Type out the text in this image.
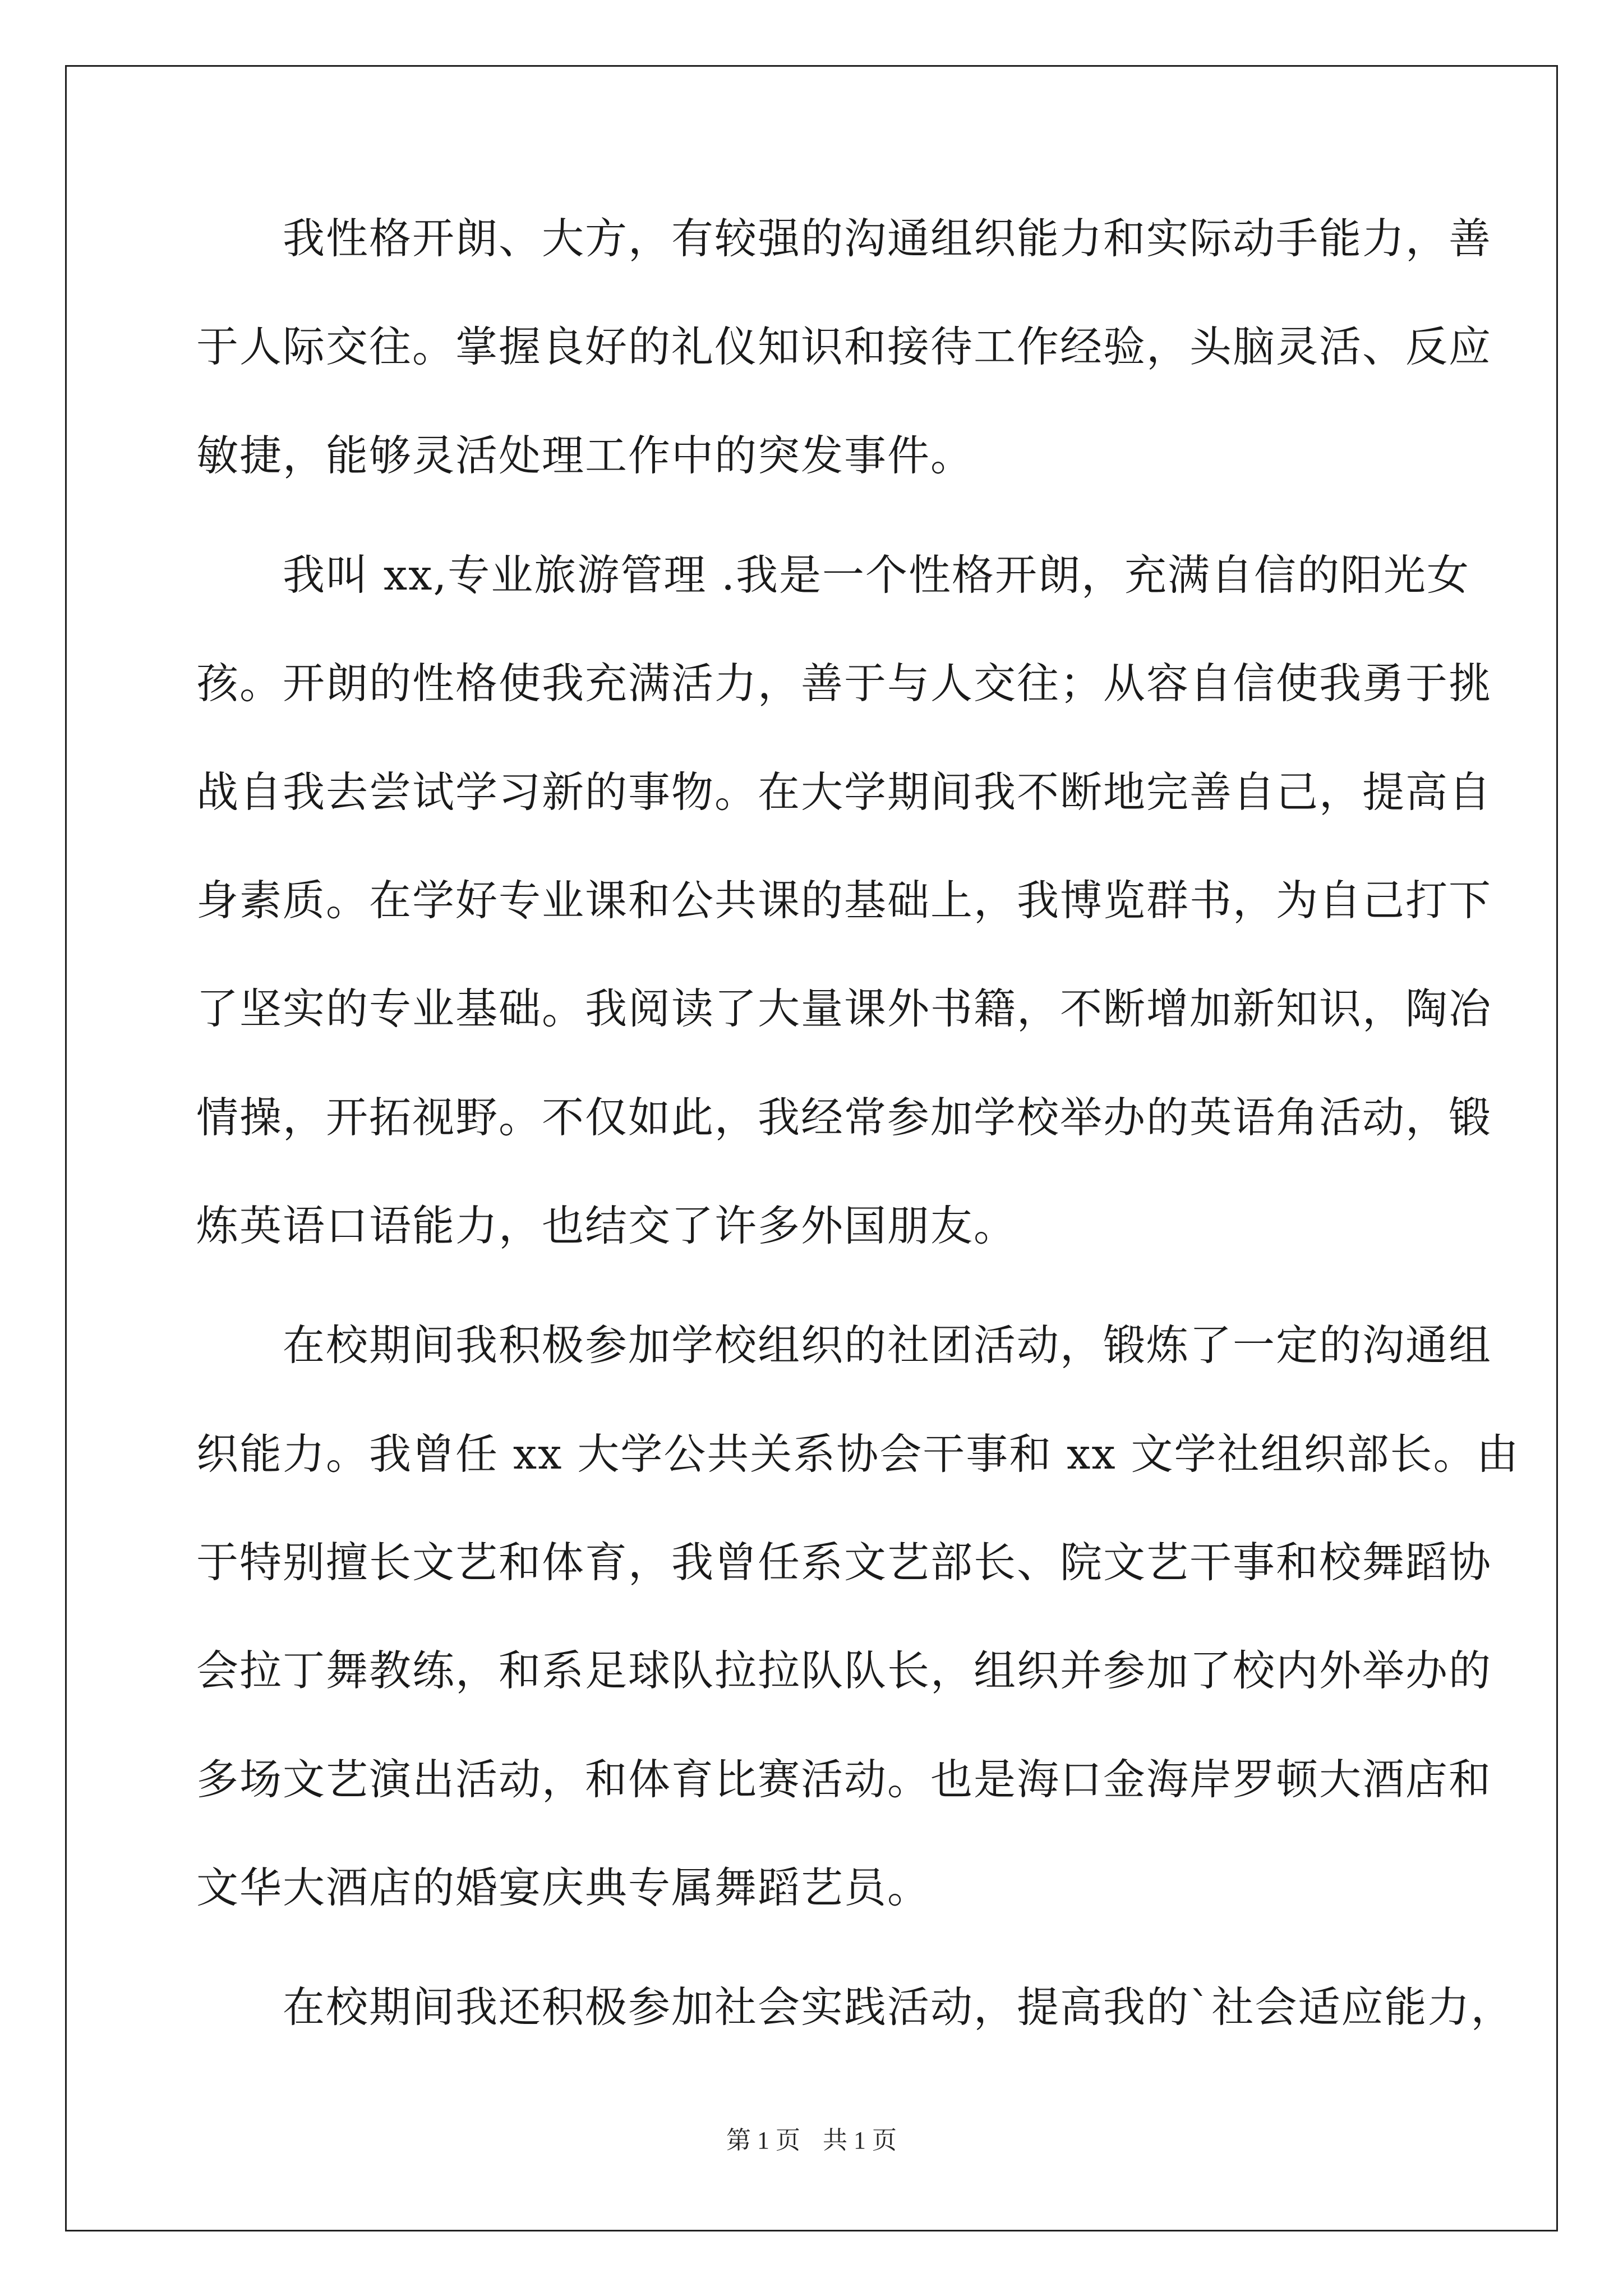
　　我性格开朗、大方，有较强的沟通组织能力和实际动手能力，善
于人际交往。掌握良好的礼仪知识和接待工作经验，头脑灵活、反应
敏捷，能够灵活处理工作中的突发事件。
　　我叫 xx,专业旅游管理 .我是一个性格开朗，充满自信的阳光女
孩。开朗的性格使我充满活力，善于与人交往；从容自信使我勇于挑
战自我去尝试学习新的事物。在大学期间我不断地完善自己，提高自
身素质。在学好专业课和公共课的基础上，我博览群书，为自己打下
了坚实的专业基础。我阅读了大量课外书籍，不断增加新知识，陶冶
情操，开拓视野。不仅如此，我经常参加学校举办的英语角活动，锻
炼英语口语能力，也结交了许多外国朋友。
　　在校期间我积极参加学校组织的社团活动，锻炼了一定的沟通组
织能力。我曾任 xx 大学公共关系协会干事和 xx 文学社组织部长。由
于特别擅长文艺和体育，我曾任系文艺部长、院文艺干事和校舞蹈协
会拉丁舞教练，和系足球队拉拉队队长，组织并参加了校内外举办的
多场文艺演出活动，和体育比赛活动。也是海口金海岸罗顿大酒店和
文华大酒店的婚宴庆典专属舞蹈艺员。
　　在校期间我还积极参加社会实践活动，提高我的`社会适应能力，
第 1 页 共 1 页
